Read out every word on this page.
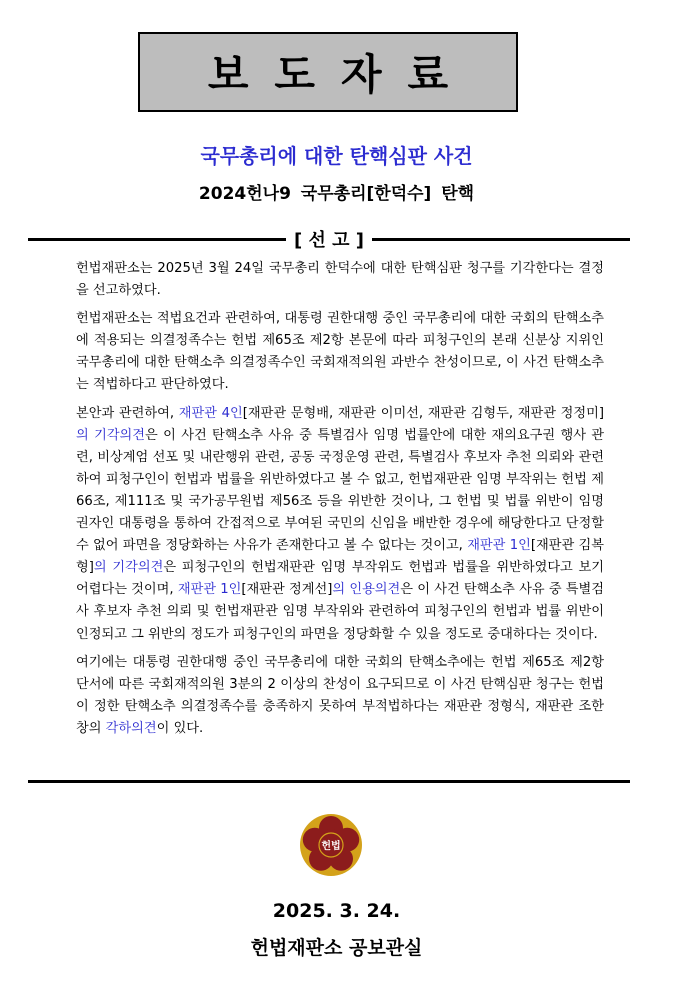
보도자료
국무총리에 대한 탄핵심판 사건
2024헌나9 국무총리[한덕수] 탄핵
[ 선 고 ]

헌법재판소는 2025년 3월 24일 국무총리 한덕수에 대한 탄핵심판 청구를 기각한다는 결정을 선고하였다.

헌법재판소는 적법요건과 관련하여, 대통령 권한대행 중인 국무총리에 대한 국회의 탄핵소추에 적용되는 의결정족수는 헌법 제65조 제2항 본문에 따라 피청구인의 본래 신분상 지위인 국무총리에 대한 탄핵소추 의결정족수인 국회재적의원 과반수 찬성이므로, 이 사건 탄핵소추는 적법하다고 판단하였다.

본안과 관련하여, 재판관 4인[재판관 문형배, 재판관 이미선, 재판관 김형두, 재판관 정정미]의 기각의견은 이 사건 탄핵소추 사유 중 특별검사 임명 법률안에 대한 재의요구권 행사 관련, 비상계엄 선포 및 내란행위 관련, 공동 국정운영 관련, 특별검사 후보자 추천 의뢰와 관련하여 피청구인이 헌법과 법률을 위반하였다고 볼 수 없고, 헌법재판관 임명 부작위는 헌법 제66조, 제111조 및 국가공무원법 제56조 등을 위반한 것이나, 그 헌법 및 법률 위반이 임명권자인 대통령을 통하여 간접적으로 부여된 국민의 신임을 배반한 경우에 해당한다고 단정할 수 없어 파면을 정당화하는 사유가 존재한다고 볼 수 없다는 것이고, 재판관 1인[재판관 김복형]의 기각의견은 피청구인의 헌법재판관 임명 부작위도 헌법과 법률을 위반하였다고 보기 어렵다는 것이며, 재판관 1인[재판관 정계선]의 인용의견은 이 사건 탄핵소추 사유 중 특별검사 후보자 추천 의뢰 및 헌법재판관 임명 부작위와 관련하여 피청구인의 헌법과 법률 위반이 인정되고 그 위반의 정도가 피청구인의 파면을 정당화할 수 있을 정도로 중대하다는 것이다.

여기에는 대통령 권한대행 중인 국무총리에 대한 국회의 탄핵소추에는 헌법 제65조 제2항 단서에 따른 국회재적의원 3분의 2 이상의 찬성이 요구되므로 이 사건 탄핵심판 청구는 헌법이 정한 탄핵소추 의결정족수를 충족하지 못하여 부적법하다는 재판관 정형식, 재판관 조한창의 각하의견이 있다.

헌법
2025. 3. 24.
헌법재판소 공보관실
